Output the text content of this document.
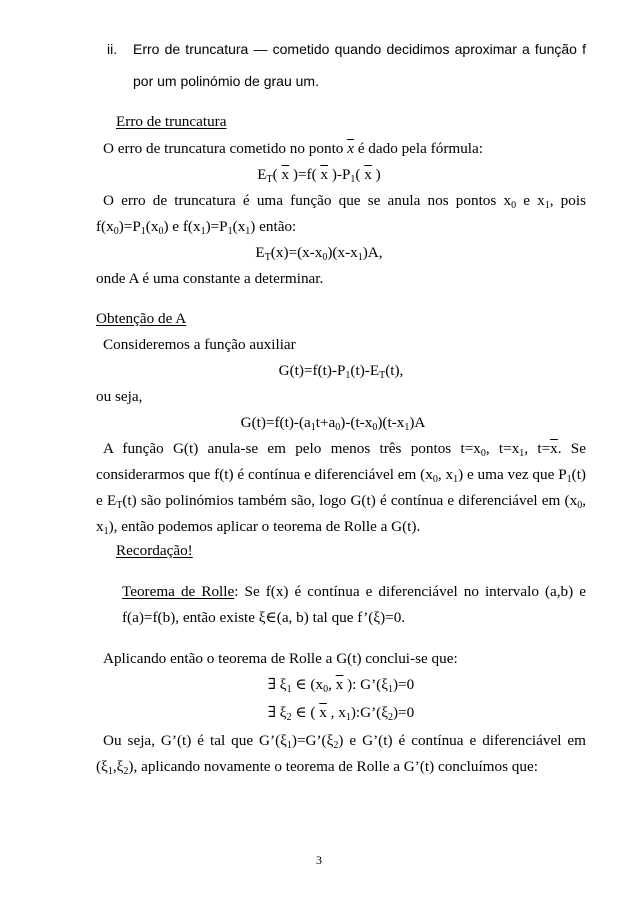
ii. Erro de truncatura — cometido quando decidimos aproximar a função f
por um polinómio de grau um.
Erro de truncatura
O erro de truncatura cometido no ponto $\overline{x}$ é dado pela fórmula:
$E_T$( $\overline{x}$ )=f( $\overline{x}$ )$-P_1$( $\overline{x}$ )
O erro de truncatura é uma função que se anula nos pontos $x_0$ e $x_1$, pois
$f(x_0)=P_1(x_0)$ e $f(x_1)=P_1(x_1)$ então:
$E_T(x)=(x-x_0)(x-x_1)A$,
onde A é uma constante a determinar.
Obtenção de A
Consideremos a função auxiliar
$G(t)=f(t)-P_1(t)-E_T(t)$,
ou seja,
$G(t)=f(t)-(a_1t+a_0)-(t-x_0)(t-x_1)A$
A função G(t) anula-se em pelo menos três pontos $t=x_0$, $t=x_1$, $t=\overline{x}$. Se
considerarmos que f(t) é contínua e diferenciável em ($x_0$, $x_1$) e uma vez que $P_1(t)$
e $E_T(t)$ são polinómios também são, logo G(t) é contínua e diferenciável em ($x_0$,
$x_1$), então podemos aplicar o teorema de Rolle a G(t).
Recordação!
Teorema de Rolle: Se f(x) é contínua e diferenciável no intervalo (a,b) e
f(a)=f(b), então existe ξ∈(a, b) tal que f’(ξ)=0.
Aplicando então o teorema de Rolle a G(t) conclui-se que:
∃ $\xi_1$ ∈ ($x_0$, $\overline{x}$ ): $G’(\xi_1)=0$
∃ $\xi_2$ ∈ ( $\overline{x}$ , $x_1):G’(\xi_2)=0$
Ou seja, G’(t) é tal que $G’(\xi_1)=G’(\xi_2)$ e G’(t) é contínua e diferenciável em
$(\xi_1,\xi_2)$, aplicando novamente o teorema de Rolle a G’(t) concluímos que:
3
